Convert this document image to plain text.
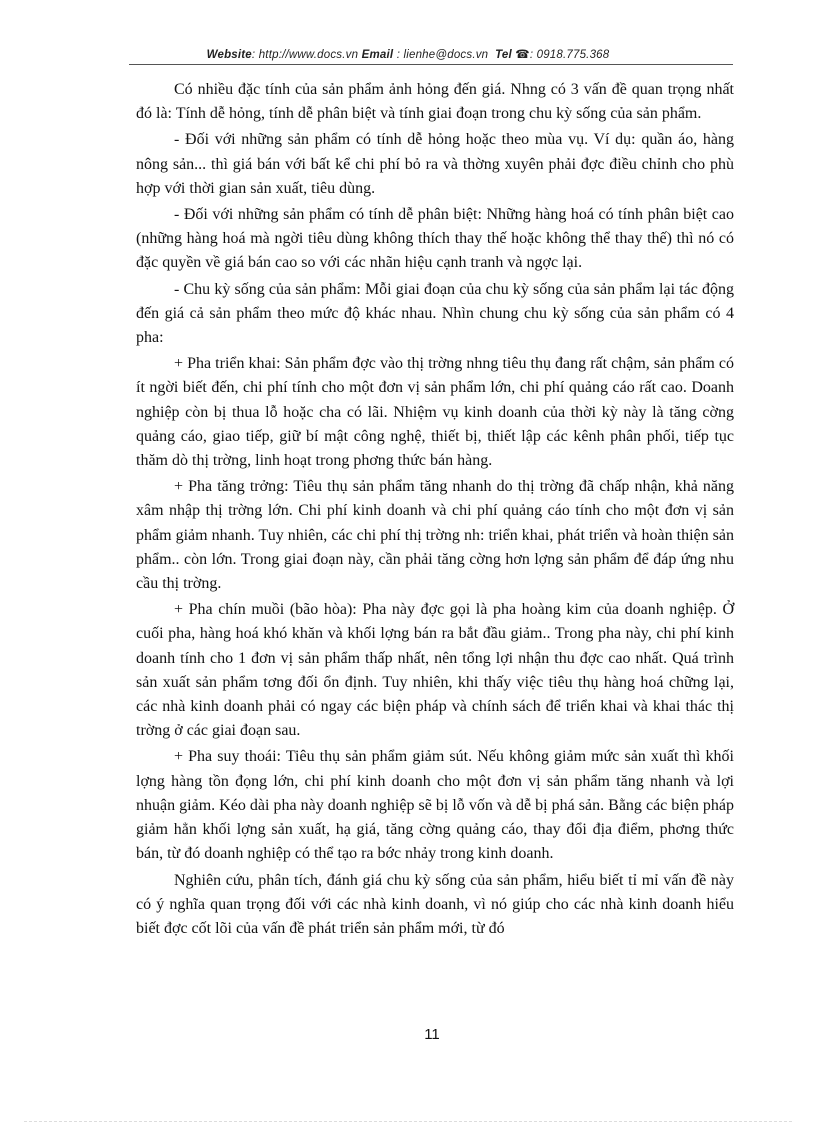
Website: http://www.docs.vn Email : lienhe@docs.vn Tel ☎: 0918.775.368

Có nhiều đặc tính của sản phẩm ảnh hỏng đến giá. Nhng có 3 vấn đề quan trọng nhất đó là: Tính dễ hỏng, tính dễ phân biệt và tính giai đoạn trong chu kỳ sống của sản phẩm.

- Đối với những sản phẩm có tính dễ hỏng hoặc theo mùa vụ. Ví dụ: quần áo, hàng nông sản... thì giá bán với bất kể chi phí bỏ ra và thờng xuyên phải đợc điều chỉnh cho phù hợp với thời gian sản xuất, tiêu dùng.

- Đối với những sản phẩm có tính dễ phân biệt: Những hàng hoá có tính phân biệt cao (những hàng hoá mà ngời tiêu dùng không thích thay thế hoặc không thể thay thế) thì nó có đặc quyền về giá bán cao so với các nhãn hiệu cạnh tranh và ngợc lại.

- Chu kỳ sống của sản phẩm: Mỗi giai đoạn của chu kỳ sống của sản phẩm lại tác động đến giá cả sản phẩm theo mức độ khác nhau. Nhìn chung chu kỳ sống của sản phẩm có 4 pha:

+ Pha triển khai: Sản phẩm đợc vào thị trờng nhng tiêu thụ đang rất chậm, sản phẩm có ít ngời biết đến, chi phí tính cho một đơn vị sản phẩm lớn, chi phí quảng cáo rất cao. Doanh nghiệp còn bị thua lỗ hoặc cha có lãi. Nhiệm vụ kinh doanh của thời kỳ này là tăng cờng quảng cáo, giao tiếp, giữ bí mật công nghệ, thiết bị, thiết lập các kênh phân phối, tiếp tục thăm dò thị trờng, linh hoạt trong phơng thức bán hàng.

+ Pha tăng trởng: Tiêu thụ sản phẩm tăng nhanh do thị trờng đã chấp nhận, khả năng xâm nhập thị trờng lớn. Chi phí kinh doanh và chi phí quảng cáo tính cho một đơn vị sản phẩm giảm nhanh. Tuy nhiên, các chi phí thị trờng nh: triển khai, phát triển và hoàn thiện sản phẩm.. còn lớn. Trong giai đoạn này, cần phải tăng cờng hơn lợng sản phẩm để đáp ứng nhu cầu thị trờng.

+ Pha chín muồi (bão hòa): Pha này đợc gọi là pha hoàng kim của doanh nghiệp. Ở cuối pha, hàng hoá khó khăn và khối lợng bán ra bắt đầu giảm.. Trong pha này, chi phí kinh doanh tính cho 1 đơn vị sản phẩm thấp nhất, nên tổng lợi nhận thu đợc cao nhất. Quá trình sản xuất sản phẩm tơng đối ổn định. Tuy nhiên, khi thấy việc tiêu thụ hàng hoá chững lại, các nhà kinh doanh phải có ngay các biện pháp và chính sách để triển khai và khai thác thị trờng ở các giai đoạn sau.

+ Pha suy thoái: Tiêu thụ sản phẩm giảm sút. Nếu không giảm mức sản xuất thì khối lợng hàng tồn đọng lớn, chi phí kinh doanh cho một đơn vị sản phẩm tăng nhanh và lợi nhuận giảm. Kéo dài pha này doanh nghiệp sẽ bị lỗ vốn và dễ bị phá sản. Bằng các biện pháp giảm hẳn khối lợng sản xuất, hạ giá, tăng cờng quảng cáo, thay đổi địa điểm, phơng thức bán, từ đó doanh nghiệp có thể tạo ra bớc nhảy trong kinh doanh.

Nghiên cứu, phân tích, đánh giá chu kỳ sống của sản phẩm, hiểu biết tỉ mỉ vấn đề này có ý nghĩa quan trọng đối với các nhà kinh doanh, vì nó giúp cho các nhà kinh doanh hiểu biết đợc cốt lõi của vấn đề phát triển sản phẩm mới, từ đó

11
